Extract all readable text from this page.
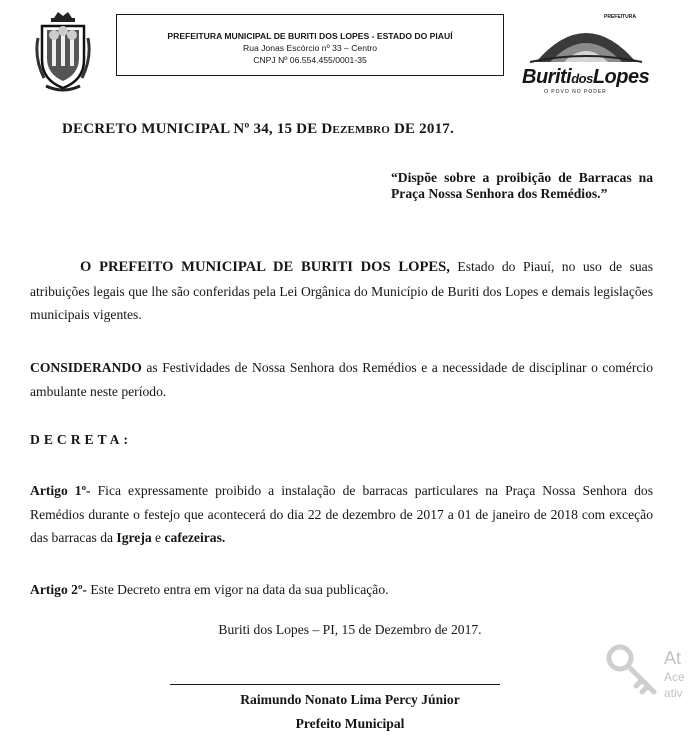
PREFEITURA MUNICIPAL DE BURITI DOS LOPES - ESTADO DO PIAUÍ
Rua Jonas Escórcio nº 33 – Centro
CNPJ Nº 06.554.455/0001-35
PREFEITURA
BuritidosLopes
O POVO NO PODER
DECRETO MUNICIPAL Nº 34, 15 DE Dezembro DE 2017.
“Dispõe sobre a proibição de Barracas na Praça Nossa Senhora dos Remédios.”

O PREFEITO MUNICIPAL DE BURITI DOS LOPES, Estado do Piauí, no uso de suas atribuições legais que lhe são conferidas pela Lei Orgânica do Município de Buriti dos Lopes e demais legislações municipais vigentes.

CONSIDERANDO as Festividades de Nossa Senhora dos Remédios e a necessidade de disciplinar o comércio ambulante neste período.

DECRETA:

Artigo 1º- Fica expressamente proibido a instalação de barracas particulares na Praça Nossa Senhora dos Remédios durante o festejo que acontecerá do dia 22 de dezembro de 2017 a 01 de janeiro de 2018 com exceção das barracas da Igreja e cafezeiras.

Artigo 2º- Este Decreto entra em vigor na data da sua publicação.

Buriti dos Lopes – PI, 15 de Dezembro de 2017.
Raimundo Nonato Lima Percy Júnior
Prefeito Municipal
At
Ace
ativ
